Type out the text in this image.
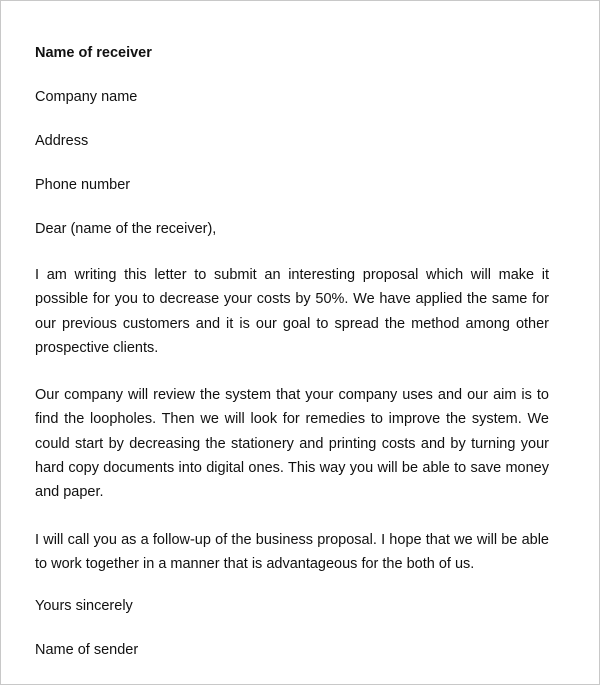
Name of receiver

Company name

Address

Phone number

Dear (name of the receiver),

I am writing this letter to submit an interesting proposal which will make it possible for you to decrease your costs by 50%. We have applied the same for our previous customers and it is our goal to spread the method among other prospective clients.

Our company will review the system that your company uses and our aim is to find the loopholes. Then we will look for remedies to improve the system. We could start by decreasing the stationery and printing costs and by turning your hard copy documents into digital ones. This way you will be able to save money and paper.

I will call you as a follow-up of the business proposal. I hope that we will be able to work together in a manner that is advantageous for the both of us.

Yours sincerely

Name of sender
